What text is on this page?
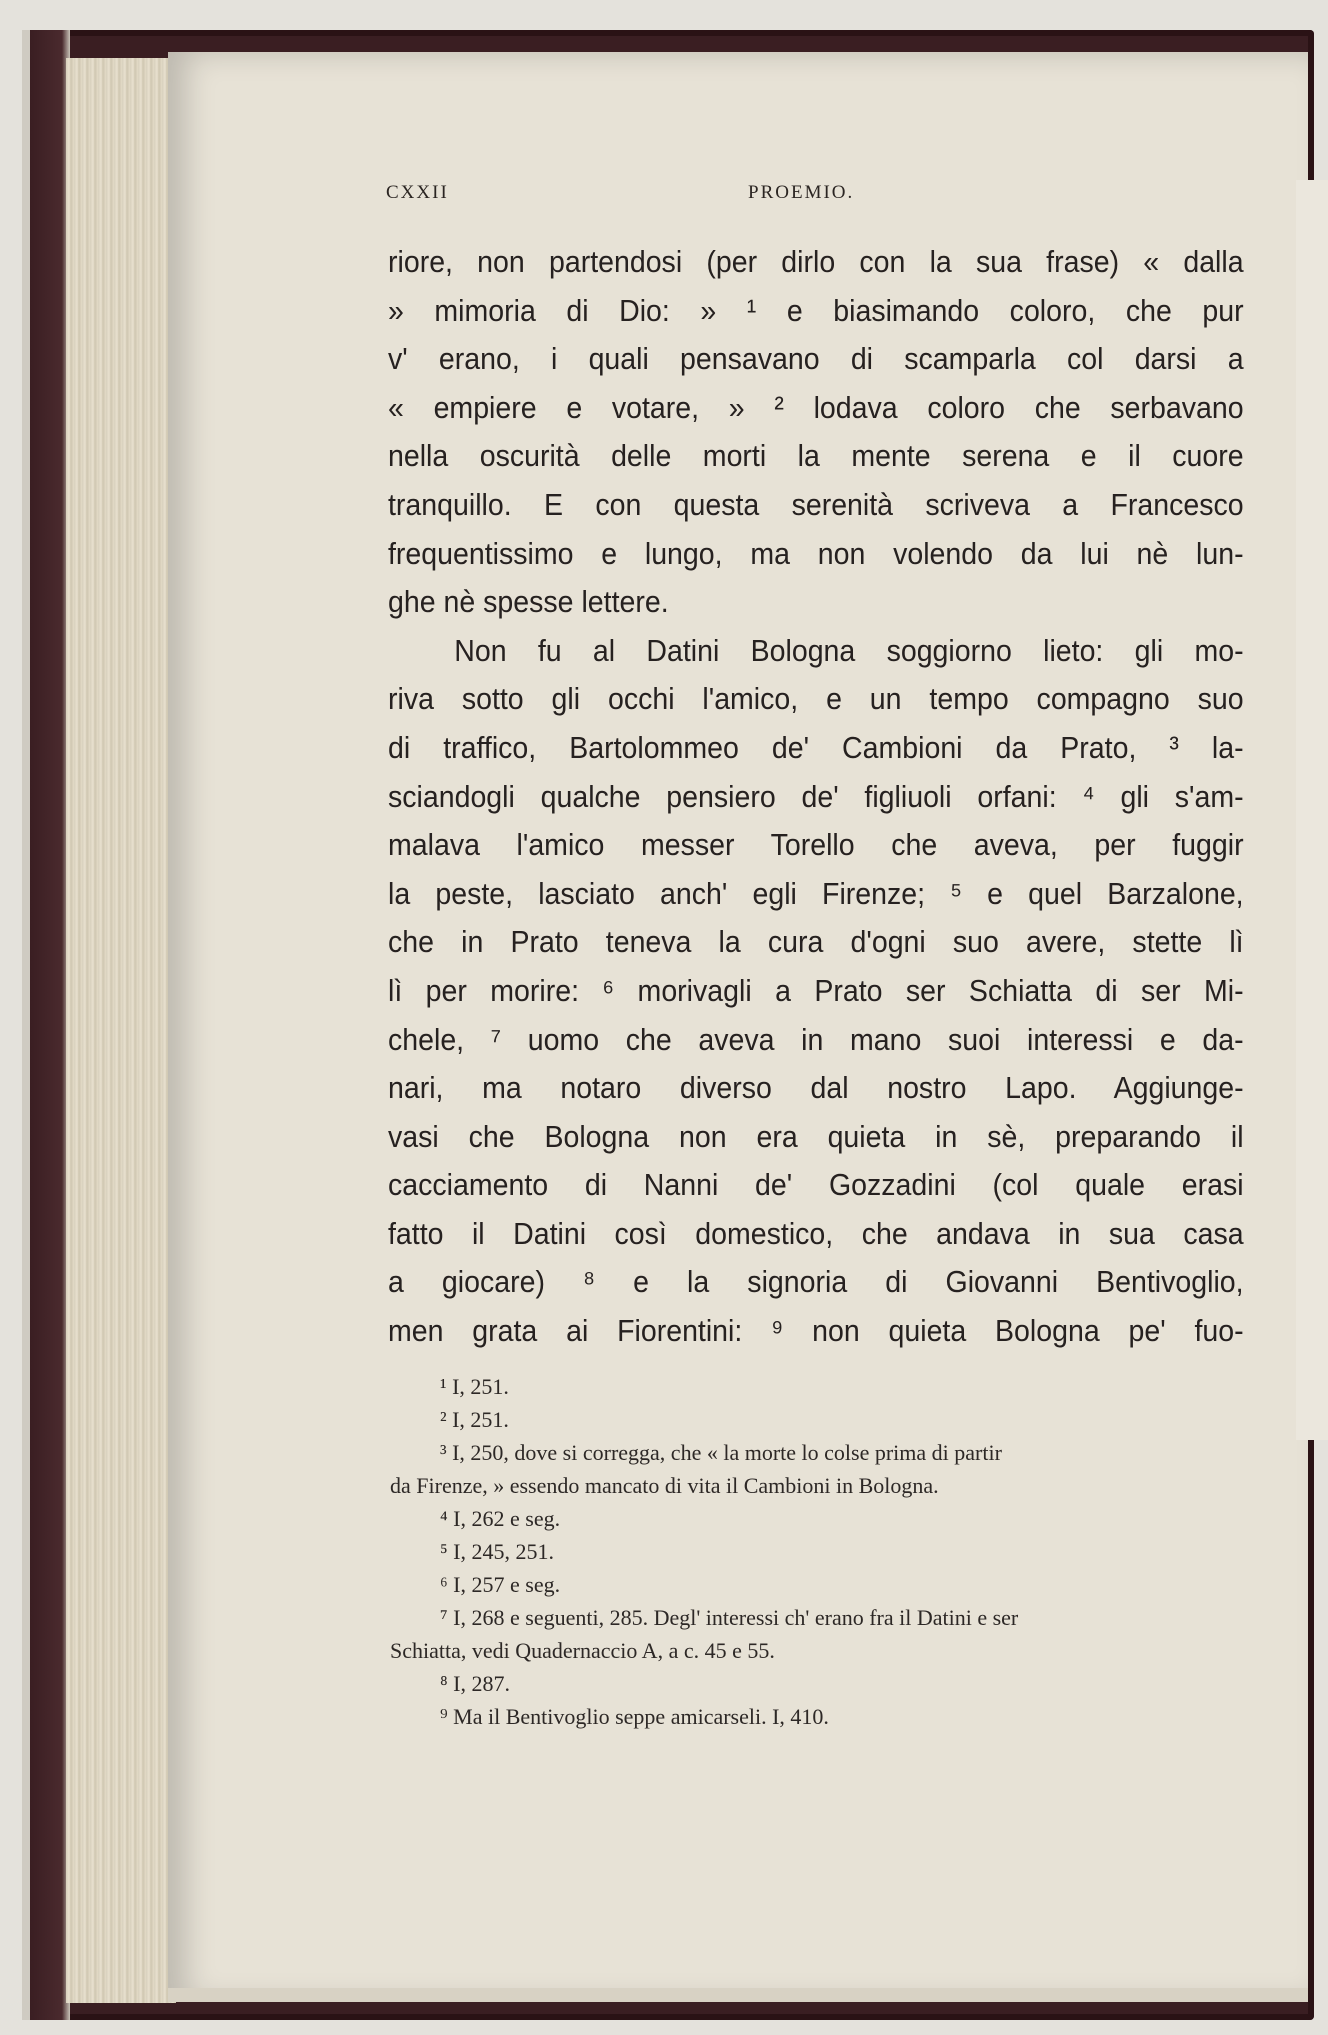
CXXII	PROEMIO.
riore, non partendosi (per dirlo con la sua frase) « dalla
» mimoria di Dio: » ¹ e biasimando coloro, che pur
v' erano, i quali pensavano di scamparla col darsi a
« empiere e votare, » ² lodava coloro che serbavano
nella oscurità delle morti la mente serena e il cuore
tranquillo. E con questa serenità scriveva a Francesco
frequentissimo e lungo, ma non volendo da lui nè lun-
ghe nè spesse lettere.
Non fu al Datini Bologna soggiorno lieto: gli mo-
riva sotto gli occhi l'amico, e un tempo compagno suo
di traffico, Bartolommeo de' Cambioni da Prato, ³ la-
sciandogli qualche pensiero de' figliuoli orfani: ⁴ gli s'am-
malava l'amico messer Torello che aveva, per fuggir
la peste, lasciato anch' egli Firenze; ⁵ e quel Barzalone,
che in Prato teneva la cura d'ogni suo avere, stette lì
lì per morire: ⁶ morivagli a Prato ser Schiatta di ser Mi-
chele, ⁷ uomo che aveva in mano suoi interessi e da-
nari, ma notaro diverso dal nostro Lapo. Aggiunge-
vasi che Bologna non era quieta in sè, preparando il
cacciamento di Nanni de' Gozzadini (col quale erasi
fatto il Datini così domestico, che andava in sua casa
a giocare) ⁸ e la signoria di Giovanni Bentivoglio,
men grata ai Fiorentini: ⁹ non quieta Bologna pe' fuo-
¹ I, 251.
² I, 251.
³ I, 250, dove si corregga, che « la morte lo colse prima di partir
da Firenze, » essendo mancato di vita il Cambioni in Bologna.
⁴ I, 262 e seg.
⁵ I, 245, 251.
⁶ I, 257 e seg.
⁷ I, 268 e seguenti, 285. Degl' interessi ch' erano fra il Datini e ser
Schiatta, vedi Quadernaccio A, a c. 45 e 55.
⁸ I, 287.
⁹ Ma il Bentivoglio seppe amicarseli. I, 410.
